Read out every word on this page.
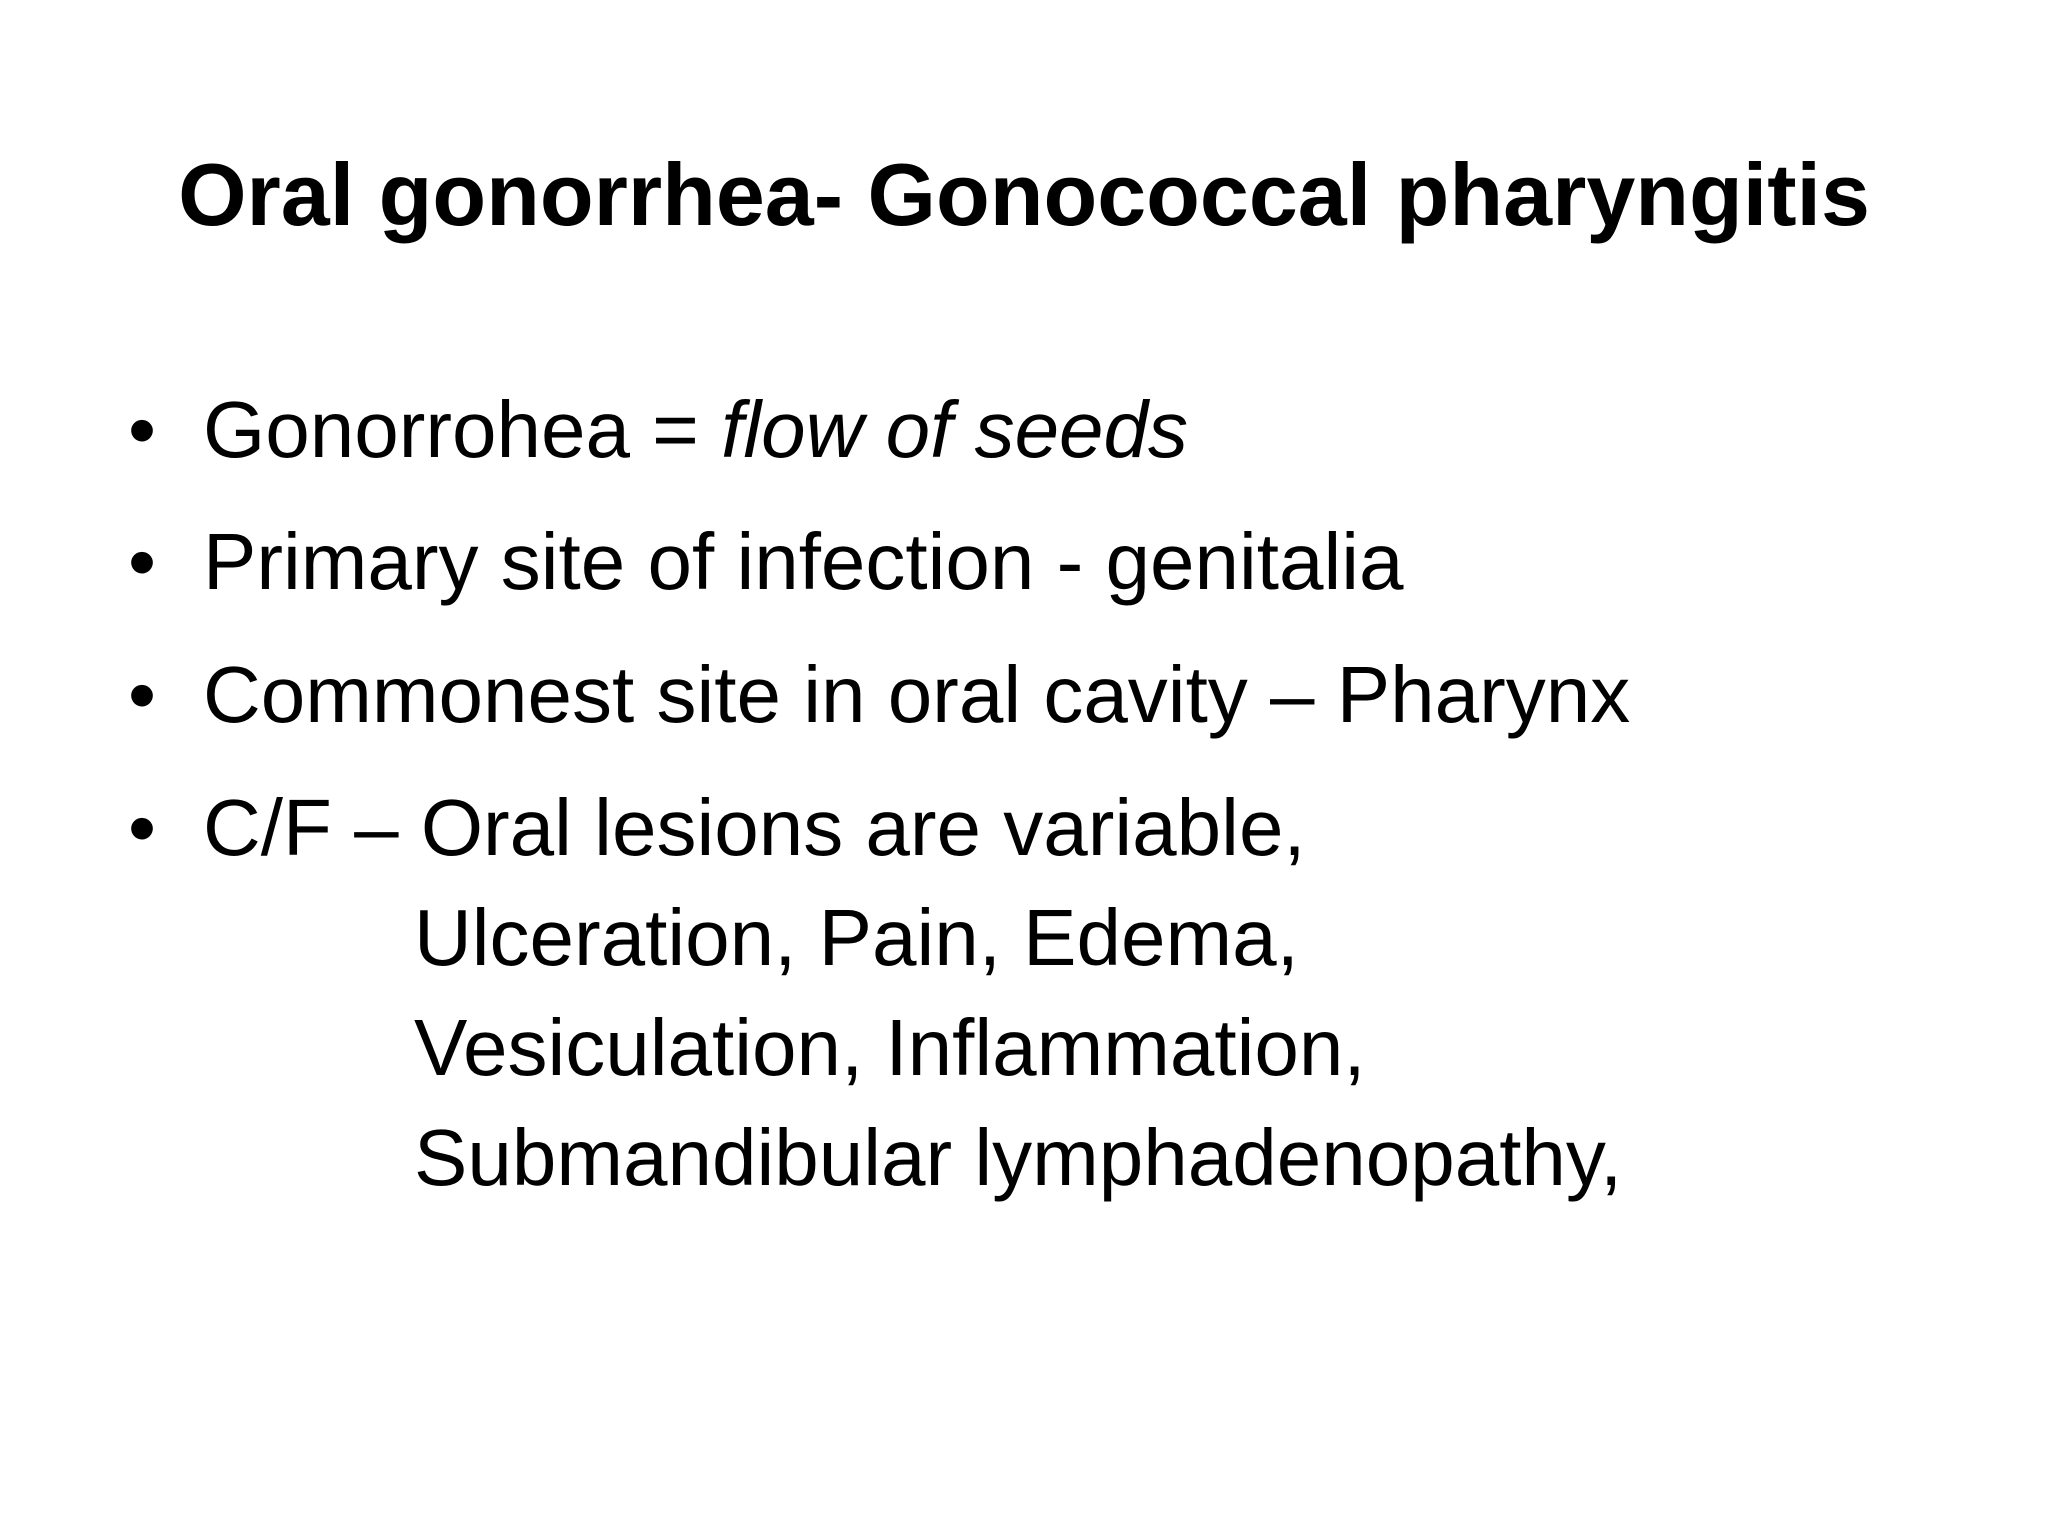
Oral gonorrhea- Gonococcal pharyngitis
• Gonorrohea = flow of seeds
• Primary site of infection - genitalia
• Commonest site in oral cavity – Pharynx
• C/F – Oral lesions are variable,
Ulceration, Pain, Edema,
Vesiculation, Inflammation,
Submandibular lymphadenopathy,
